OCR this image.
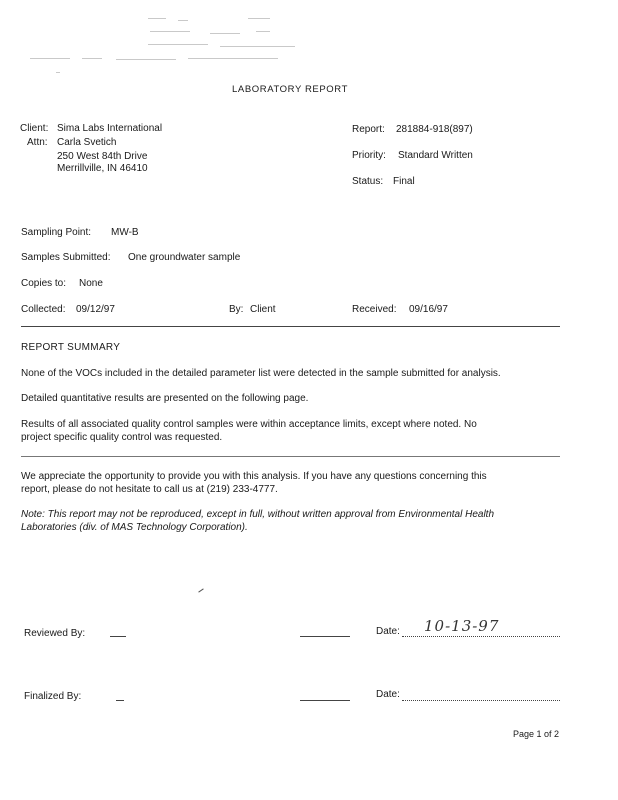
LABORATORY REPORT
Client: Sima Labs International
Attn: Carla Svetich
250 West 84th Drive
Merrillville, IN 46410
Report: 281884-918(897)
Priority: Standard Written
Status: Final
Sampling Point: MW-B
Samples Submitted: One groundwater sample
Copies to: None
Collected: 09/12/97	By: Client	Received: 09/16/97
REPORT SUMMARY
None of the VOCs included in the detailed parameter list were detected in the sample submitted for analysis.
Detailed quantitative results are presented on the following page.
Results of all associated quality control samples were within acceptance limits, except where noted. No
project specific quality control was requested.
We appreciate the opportunity to provide you with this analysis. If you have any questions concerning this
report, please do not hesitate to call us at (219) 233-4777.
Note: This report may not be reproduced, except in full, without written approval from Environmental Health
Laboratories (div. of MAS Technology Corporation).
Reviewed By:	Date: 10-13-97
Finalized By:	Date:
Page 1 of 2
